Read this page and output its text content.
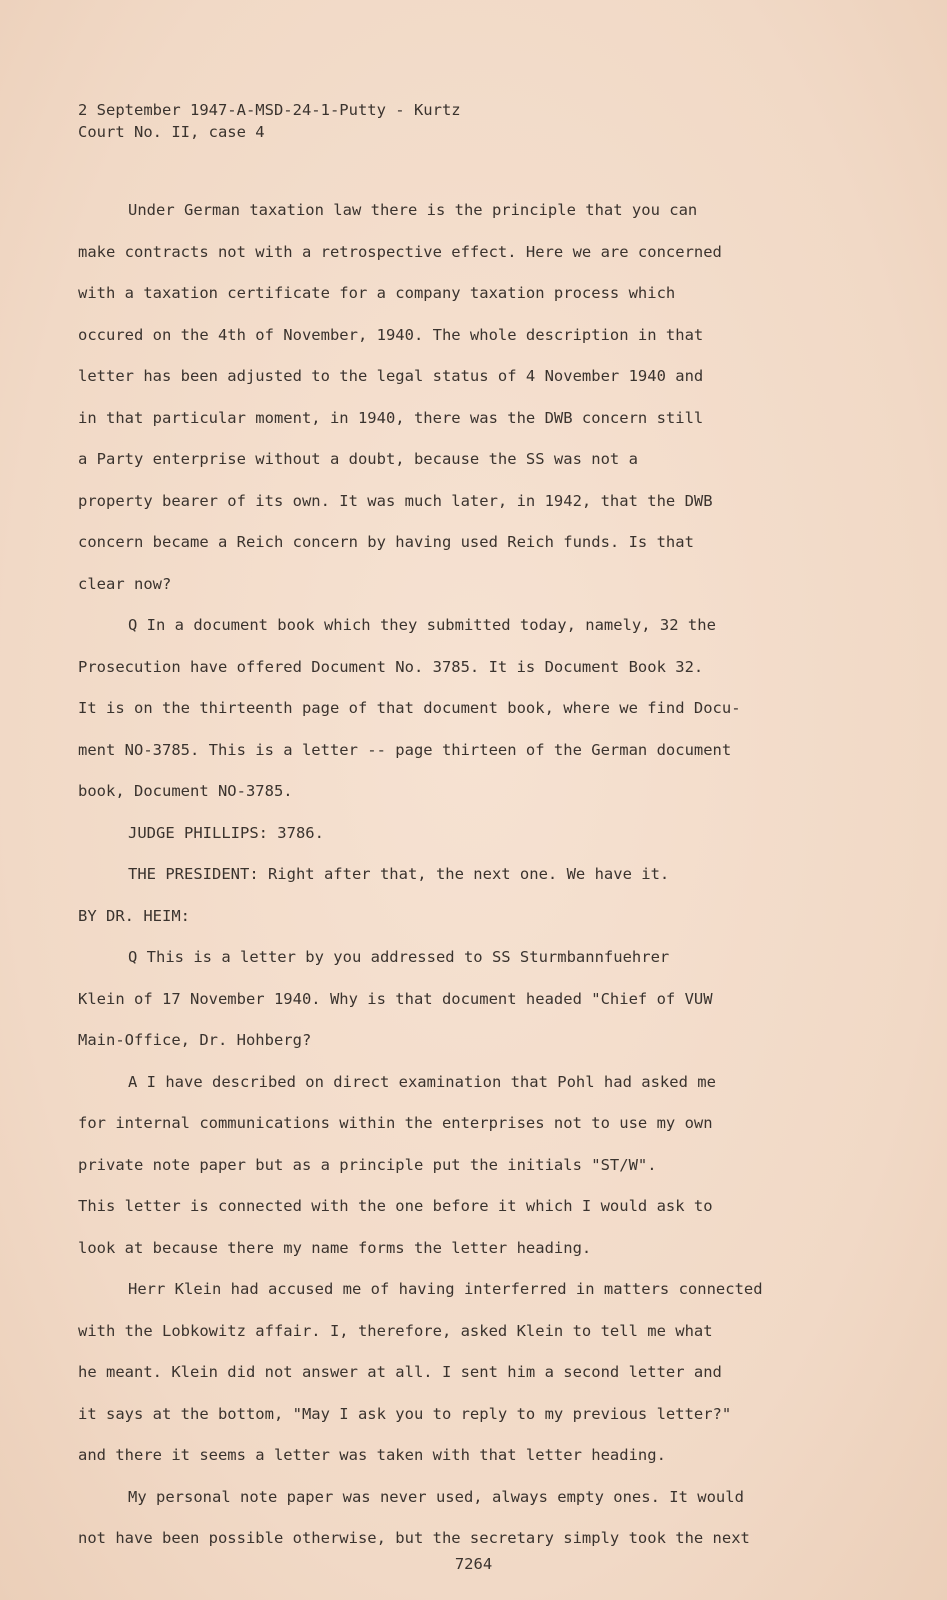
2 September 1947-A-MSD-24-1-Putty - Kurtz
Court No. II, case 4
Under German taxation law there is the principle that you can
make contracts not with a retrospective effect. Here we are concerned
with a taxation certificate for a company taxation process which
occured on the 4th of November, 1940. The whole description in that
letter has been adjusted to the legal status of 4 November 1940 and
in that particular moment, in 1940, there was the DWB concern still
a Party enterprise without a doubt, because the SS was not a
property bearer of its own. It was much later, in 1942, that the DWB
concern became a Reich concern by having used Reich funds. Is that
clear now?
Q In a document book which they submitted today, namely, 32 the
Prosecution have offered Document No. 3785. It is Document Book 32.
It is on the thirteenth page of that document book, where we find Docu-
ment NO-3785. This is a letter -- page thirteen of the German document
book, Document NO-3785.
JUDGE PHILLIPS: 3786.
THE PRESIDENT: Right after that, the next one. We have it.
BY DR. HEIM:
Q This is a letter by you addressed to SS Sturmbannfuehrer
Klein of 17 November 1940. Why is that document headed "Chief of VUW
Main-Office, Dr. Hohberg?
A I have described on direct examination that Pohl had asked me
for internal communications within the enterprises not to use my own
private note paper but as a principle put the initials "ST/W".
This letter is connected with the one before it which I would ask to
look at because there my name forms the letter heading.
Herr Klein had accused me of having interferred in matters connected
with the Lobkowitz affair. I, therefore, asked Klein to tell me what
he meant. Klein did not answer at all. I sent him a second letter and
it says at the bottom, "May I ask you to reply to my previous letter?"
and there it seems a letter was taken with that letter heading.
My personal note paper was never used, always empty ones. It would
not have been possible otherwise, but the secretary simply took the next
7264
